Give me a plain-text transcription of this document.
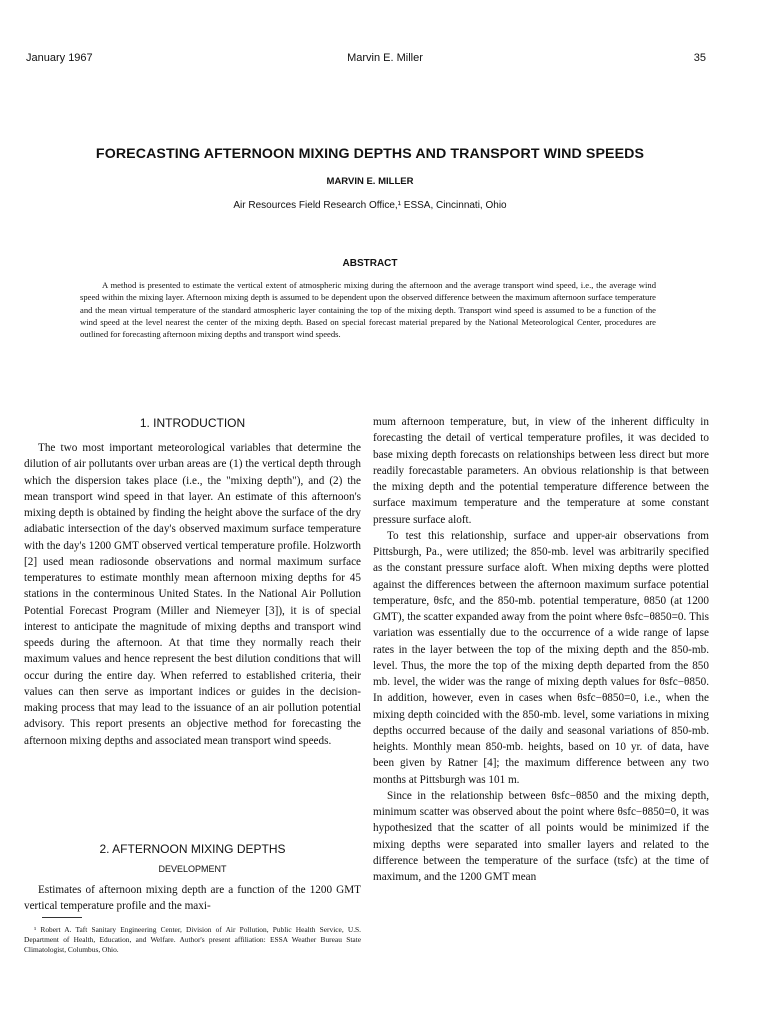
January 1967	Marvin E. Miller	35
FORECASTING AFTERNOON MIXING DEPTHS AND TRANSPORT WIND SPEEDS
MARVIN E. MILLER
Air Resources Field Research Office,¹ ESSA, Cincinnati, Ohio
ABSTRACT

A method is presented to estimate the vertical extent of atmospheric mixing during the afternoon and the average transport wind speed, i.e., the average wind speed within the mixing layer. Afternoon mixing depth is assumed to be dependent upon the observed difference between the maximum afternoon surface temperature and the mean virtual temperature of the standard atmospheric layer containing the top of the mixing depth. Transport wind speed is assumed to be a function of the wind speed at the level nearest the center of the mixing depth. Based on special forecast material prepared by the National Meteorological Center, procedures are outlined for forecasting afternoon mixing depths and transport wind speeds.

1. INTRODUCTION

The two most important meteorological variables that determine the dilution of air pollutants over urban areas are (1) the vertical depth through which the dispersion takes place (i.e., the "mixing depth"), and (2) the mean transport wind speed in that layer. An estimate of this afternoon's mixing depth is obtained by finding the height above the surface of the dry adiabatic intersection of the day's observed maximum surface temperature with the day's 1200 GMT observed vertical temperature profile. Holzworth [2] used mean radiosonde observations and normal maximum surface temperatures to estimate monthly mean afternoon mixing depths for 45 stations in the conterminous United States. In the National Air Pollution Potential Forecast Program (Miller and Niemeyer [3]), it is of special interest to anticipate the magnitude of mixing depths and transport wind speeds during the afternoon. At that time they normally reach their maximum values and hence represent the best dilution conditions that will occur during the entire day. When referred to established criteria, their values can then serve as important indices or guides in the decision-making process that may lead to the issuance of an air pollution potential advisory. This report presents an objective method for forecasting the afternoon mixing depths and associated mean transport wind speeds.

2. AFTERNOON MIXING DEPTHS
DEVELOPMENT

Estimates of afternoon mixing depth are a function of the 1200 GMT vertical temperature profile and the maxi-

¹ Robert A. Taft Sanitary Engineering Center, Division of Air Pollution, Public Health Service, U.S. Department of Health, Education, and Welfare. Author's present affiliation: ESSA Weather Bureau State Climatologist, Columbus, Ohio.

mum afternoon temperature, but, in view of the inherent difficulty in forecasting the detail of vertical temperature profiles, it was decided to base mixing depth forecasts on relationships between less direct but more readily forecastable parameters. An obvious relationship is that between the mixing depth and the potential temperature difference between the surface maximum temperature and the temperature at some constant pressure surface aloft.

To test this relationship, surface and upper-air observations from Pittsburgh, Pa., were utilized; the 850-mb. level was arbitrarily specified as the constant pressure surface aloft. When mixing depths were plotted against the differences between the afternoon maximum surface potential temperature, θsfc, and the 850-mb. potential temperature, θ850 (at 1200 GMT), the scatter expanded away from the point where θsfc−θ850=0. This variation was essentially due to the occurrence of a wide range of lapse rates in the layer between the top of the mixing depth and the 850-mb. level. Thus, the more the top of the mixing depth departed from the 850 mb. level, the wider was the range of mixing depth values for θsfc−θ850. In addition, however, even in cases when θsfc−θ850=0, i.e., when the mixing depth coincided with the 850-mb. level, some variations in mixing depths occurred because of the daily and seasonal variations of 850-mb. heights. Monthly mean 850-mb. heights, based on 10 yr. of data, have been given by Ratner [4]; the maximum difference between any two months at Pittsburgh was 101 m.

Since in the relationship between θsfc−θ850 and the mixing depth, minimum scatter was observed about the point where θsfc−θ850=0, it was hypothesized that the scatter of all points would be minimized if the mixing depths were separated into smaller layers and related to the difference between the temperature of the surface (tsfc) at the time of maximum, and the 1200 GMT mean
